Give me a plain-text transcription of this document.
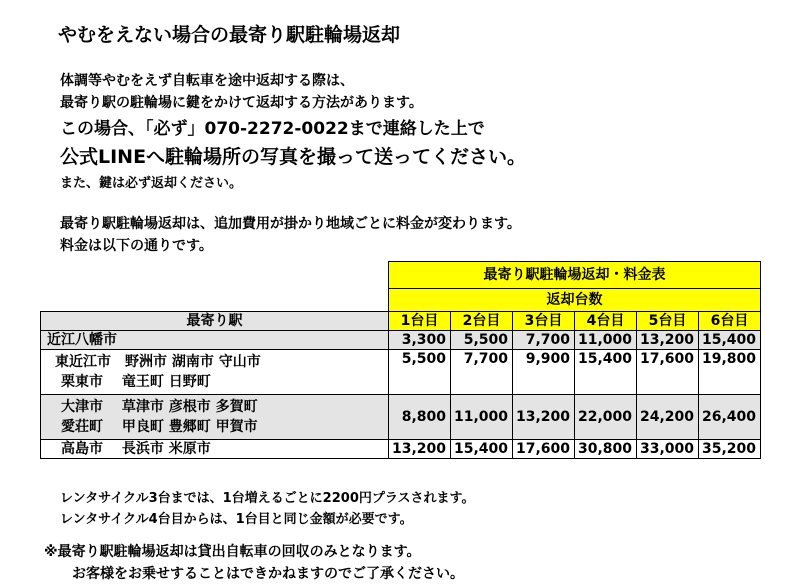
やむをえない場合の最寄り駅駐輪場返却
体調等やむをえず自転車を途中返却する際は、
最寄り駅の駐輪場に鍵をかけて返却する方法があります。
この場合、「必ず」070-2272-0022まで連絡した上で
公式LINEへ駐輪場所の写真を撮って送ってください。
また、鍵は必ず返却ください。
最寄り駅駐輪場返却は、追加費用が掛かり地域ごとに料金が変わります。
料金は以下の通りです。
	最寄り駅駐輪場返却・料金表					
	返却台数					
最寄り駅	1台目	2台目	3台目	4台目	5台目	6台目
近江八幡市	3,300	5,500	7,700	11,000	13,200	15,400

東近江市　野洲市 湖南市 守山市
栗東市　 竜王町 日野町	5,500	7,700	9,900	15,400	17,600	19,800

大津市　 草津市 彦根市 多賀町
愛荘町　 甲良町 豊郷町 甲賀市	8,800	11,000	13,200	22,000	24,200	26,400
高島市　 長浜市 米原市	13,200	15,400	17,600	30,800	33,000	35,200
レンタサイクル3台までは、1台増えるごとに2200円プラスされます。
レンタサイクル4台目からは、1台目と同じ金額が必要です。
※最寄り駅駐輪場返却は貸出自転車の回収のみとなります。
お客様をお乗せすることはできかねますのでご了承ください。
